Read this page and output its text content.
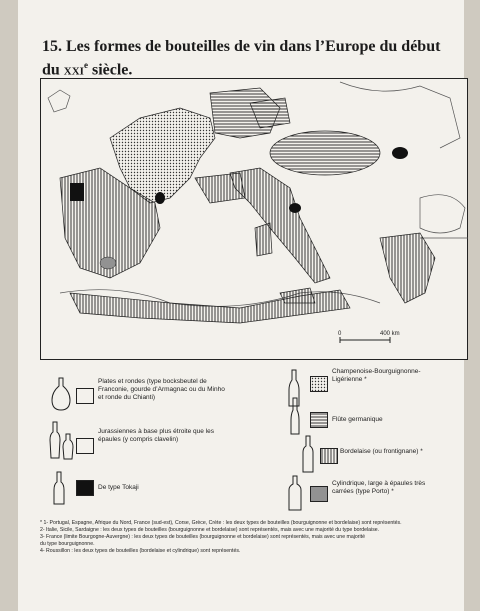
15. Les formes de bouteilles de vin dans l’Europe du début du xxi$^e$ siècle.
0	400 km
Plates et rondes (type bocksbeutel de Franconie, gourde d’Armagnac ou du Minho et ronde du Chianti)
Jurassiennes à base plus étroite que les épaules (y compris clavelin)
De type Tokaji
Champenoise-Bourguignonne-Ligérienne *
Flûte germanique
Bordelaise (ou frontignane) *
Cylindrique, large à épaules très carrées (type Porto) *

* 1- Portugal, Espagne, Afrique du Nord, France (sud-est), Corse, Grèce, Crète : les deux types de bouteilles (bourguignonne et bordelaise) sont représentés.

2- Italie, Sicile, Sardaigne : les deux types de bouteilles (bourguignonne et bordelaise) sont représentés, mais avec une majorité du type bordelaise.

3- France (limite Bourgogne-Auvergne) : les deux types de bouteilles (bourguignonne et bordelaise) sont représentés, mais avec une majorité

du type bourguignonne.

4- Roussillon : les deux types de bouteilles (bordelaise et cylindrique) sont représentés.
